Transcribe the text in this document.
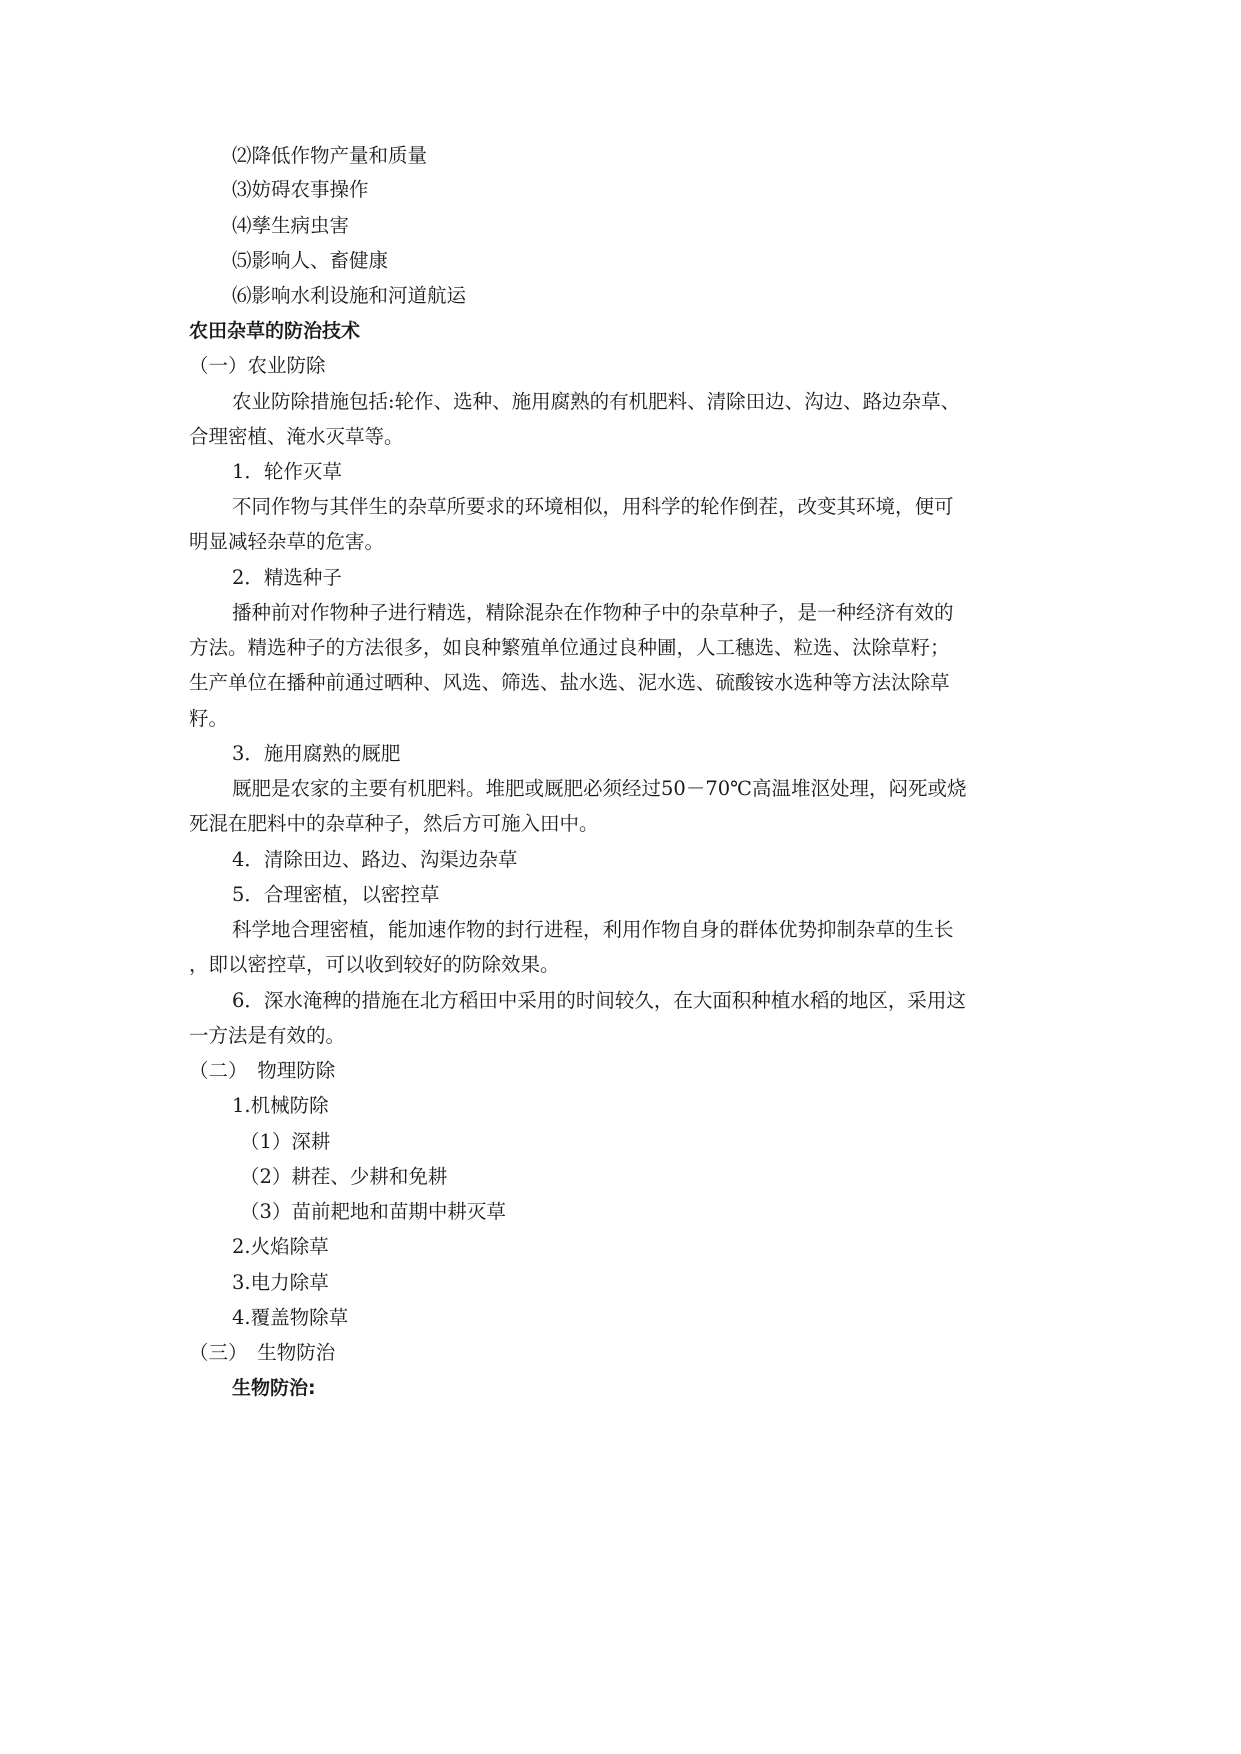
⑵降低作物产量和质量
⑶妨碍农事操作
⑷孳生病虫害
⑸影响人、畜健康
⑹影响水利设施和河道航运
农田杂草的防治技术
（一）农业防除
农业防除措施包括:轮作、选种、施用腐熟的有机肥料、清除田边、沟边、路边杂草、
合理密植、淹水灭草等。
1．轮作灭草
不同作物与其伴生的杂草所要求的环境相似，用科学的轮作倒茬，改变其环境，便可
明显减轻杂草的危害。
2．精选种子
播种前对作物种子进行精选，精除混杂在作物种子中的杂草种子，是一种经济有效的
方法。精选种子的方法很多，如良种繁殖单位通过良种圃，人工穗选、粒选、汰除草籽；
生产单位在播种前通过晒种、风选、筛选、盐水选、泥水选、硫酸铵水选种等方法汰除草
籽。
3．施用腐熟的厩肥
厩肥是农家的主要有机肥料。堆肥或厩肥必须经过50－70℃高温堆沤处理，闷死或烧
死混在肥料中的杂草种子，然后方可施入田中。
4．清除田边、路边、沟渠边杂草
5．合理密植，以密控草
科学地合理密植，能加速作物的封行进程，利用作物自身的群体优势抑制杂草的生长
，即以密控草，可以收到较好的防除效果。
6．深水淹稗的措施在北方稻田中采用的时间较久，在大面积种植水稻的地区，采用这
一方法是有效的。
（二）　物理防除
1.机械防除
（1）深耕
（2）耕茬、少耕和免耕
（3）苗前耙地和苗期中耕灭草
2.火焰除草
3.电力除草
4.覆盖物除草
（三）　生物防治
生物防治:
